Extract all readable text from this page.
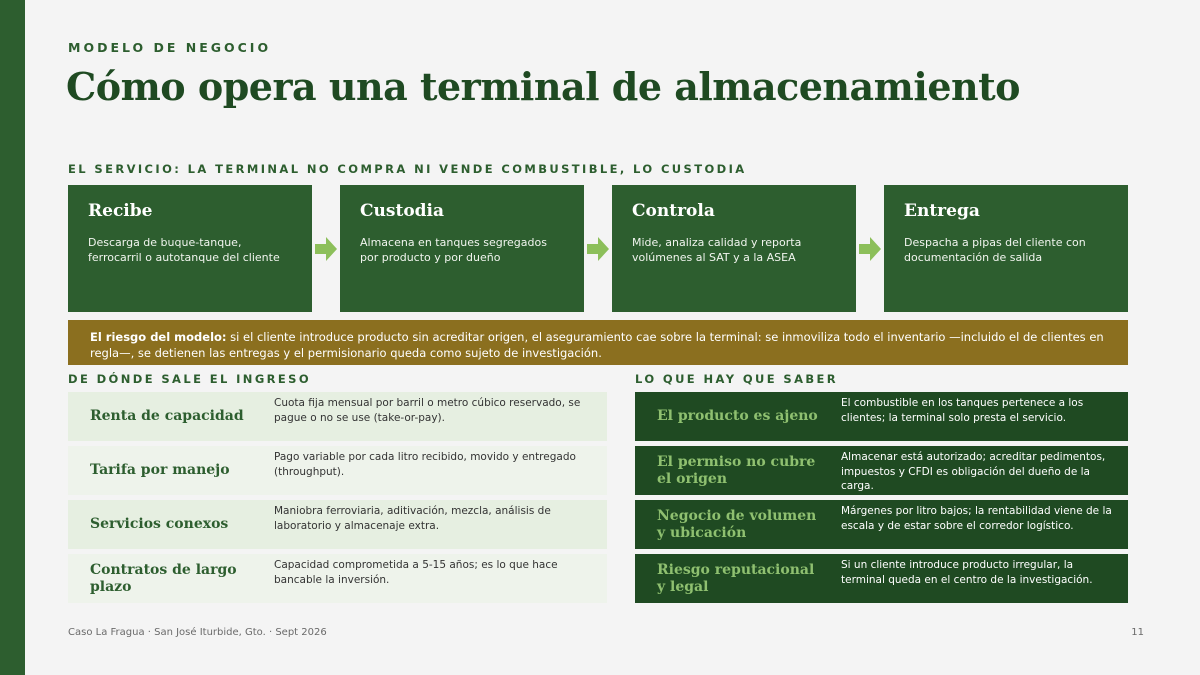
MODELO DE NEGOCIO
Cómo opera una terminal de almacenamiento
EL SERVICIO: LA TERMINAL NO COMPRA NI VENDE COMBUSTIBLE, LO CUSTODIA
Recibe
Descarga de buque-tanque, ferrocarril o autotanque del cliente
Custodia
Almacena en tanques segregados por producto y por dueño
Controla
Mide, analiza calidad y reporta volúmenes al SAT y a la ASEA
Entrega
Despacha a pipas del cliente con documentación de salida
El riesgo del modelo: si el cliente introduce producto sin acreditar origen, el aseguramiento cae sobre la terminal: se inmoviliza todo el inventario —incluido el de clientes en regla—, se detienen las entregas y el permisionario queda como sujeto de investigación.
DE DÓNDE SALE EL INGRESO	LO QUE HAY QUE SABER
Renta de capacidad
Cuota fija mensual por barril o metro cúbico reservado, se pague o no se use (take-or-pay).
Tarifa por manejo
Pago variable por cada litro recibido, movido y entregado (throughput).
Servicios conexos
Maniobra ferroviaria, aditivación, mezcla, análisis de laboratorio y almacenaje extra.
Contratos de largo plazo
Capacidad comprometida a 5-15 años; es lo que hace bancable la inversión.
El producto es ajeno
El combustible en los tanques pertenece a los clientes; la terminal solo presta el servicio.
El permiso no cubre el origen
Almacenar está autorizado; acreditar pedimentos, impuestos y CFDI es obligación del dueño de la carga.
Negocio de volumen y ubicación
Márgenes por litro bajos; la rentabilidad viene de la escala y de estar sobre el corredor logístico.
Riesgo reputacional y legal
Si un cliente introduce producto irregular, la terminal queda en el centro de la investigación.
Caso La Fragua · San José Iturbide, Gto. · Sept 2026	11
